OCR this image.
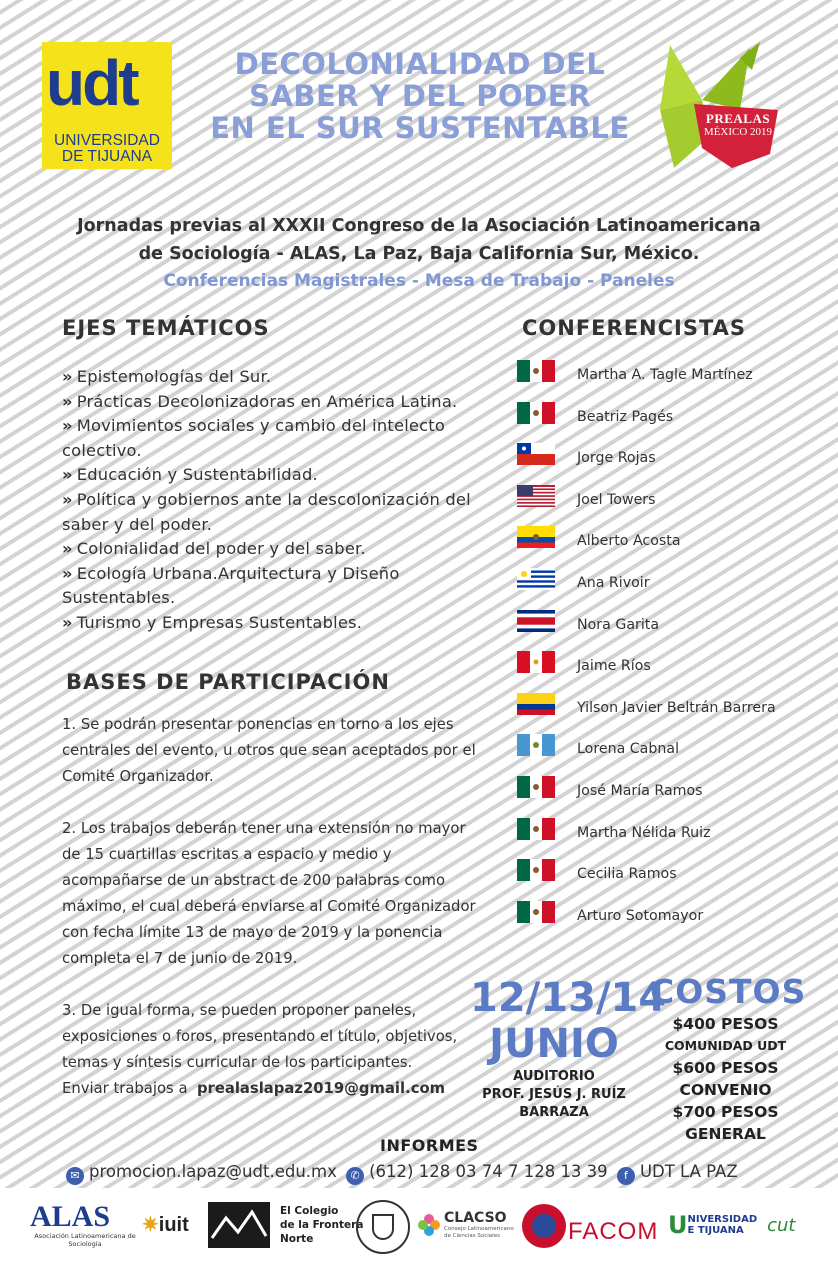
udt
UNIVERSIDAD
DE TIJUANA
DECOLONIALIDAD DEL
SABER Y DEL PODER
EN EL SUR SUSTENTABLE	PREALAS
MÉXICO 2019
Jornadas previas al XXXII Congreso de la Asociación Latinoamericana
de Sociología - ALAS, La Paz, Baja California Sur, México.
Conferencias Magistrales - Mesa de Trabajo - Paneles
EJES TEMÁTICOS
» Epistemologías del Sur.
» Prácticas Decolonizadoras en América Latina.
» Movimientos sociales y cambio del intelecto colectivo.
» Educación y Sustentabilidad.
» Política y gobiernos ante la descolonización del saber y del poder.
» Colonialidad del poder y del saber.
» Ecología Urbana.Arquitectura y Diseño Sustentables.
» Turismo y Empresas Sustentables.
BASES DE PARTICIPACIÓN

1. Se podrán presentar ponencias en torno a los ejes centrales del evento, u otros que sean aceptados por el Comité Organizador.

2. Los trabajos deberán tener una extensión no mayor de 15 cuartillas escritas a espacio y medio y acompañarse de un abstract de 200 palabras como máximo, el cual deberá enviarse al Comité Organizador con fecha límite 13 de mayo de 2019 y la ponencia completa el 7 de junio de 2019.

3. De igual forma, se pueden proponer paneles, exposiciones o foros, presentando el título, objetivos, temas y síntesis curricular de los participantes.

Enviar trabajos a prealaslapaz2019@gmail.com
CONFERENCISTAS
Martha A. Tagle Martínez
Beatriz Pagés
Jorge Rojas
Joel Towers
Alberto Acosta
Ana Rivoir
Nora Garita
Jaime Ríos
Yilson Javier Beltrán Barrera
Lorena Cabnal
José María Ramos
Martha Nélida Ruiz
Cecilia Ramos
Arturo Sotomayor
12/13/14
JUNIO
AUDITORIO
PROF. JESÚS J. RUÍZ
BARRAZA
COSTOS
$400 PESOS
COMUNIDAD UDT
$600 PESOS
CONVENIO
$700 PESOS
GENERAL
INFORMES
✉ promocion.lapaz@udt.edu.mx ✆ (612) 128 03 74 7 128 13 39 f UDT LA PAZ
ALAS
Asociación Latinoamericana de
Sociología
✷iuit
El Colegio
de la Frontera
Norte
CLACSO
Consejo Latinoamericano
de Ciencias Sociales	FACOM U NIVERSIDAD
E TIJUANA	cut
